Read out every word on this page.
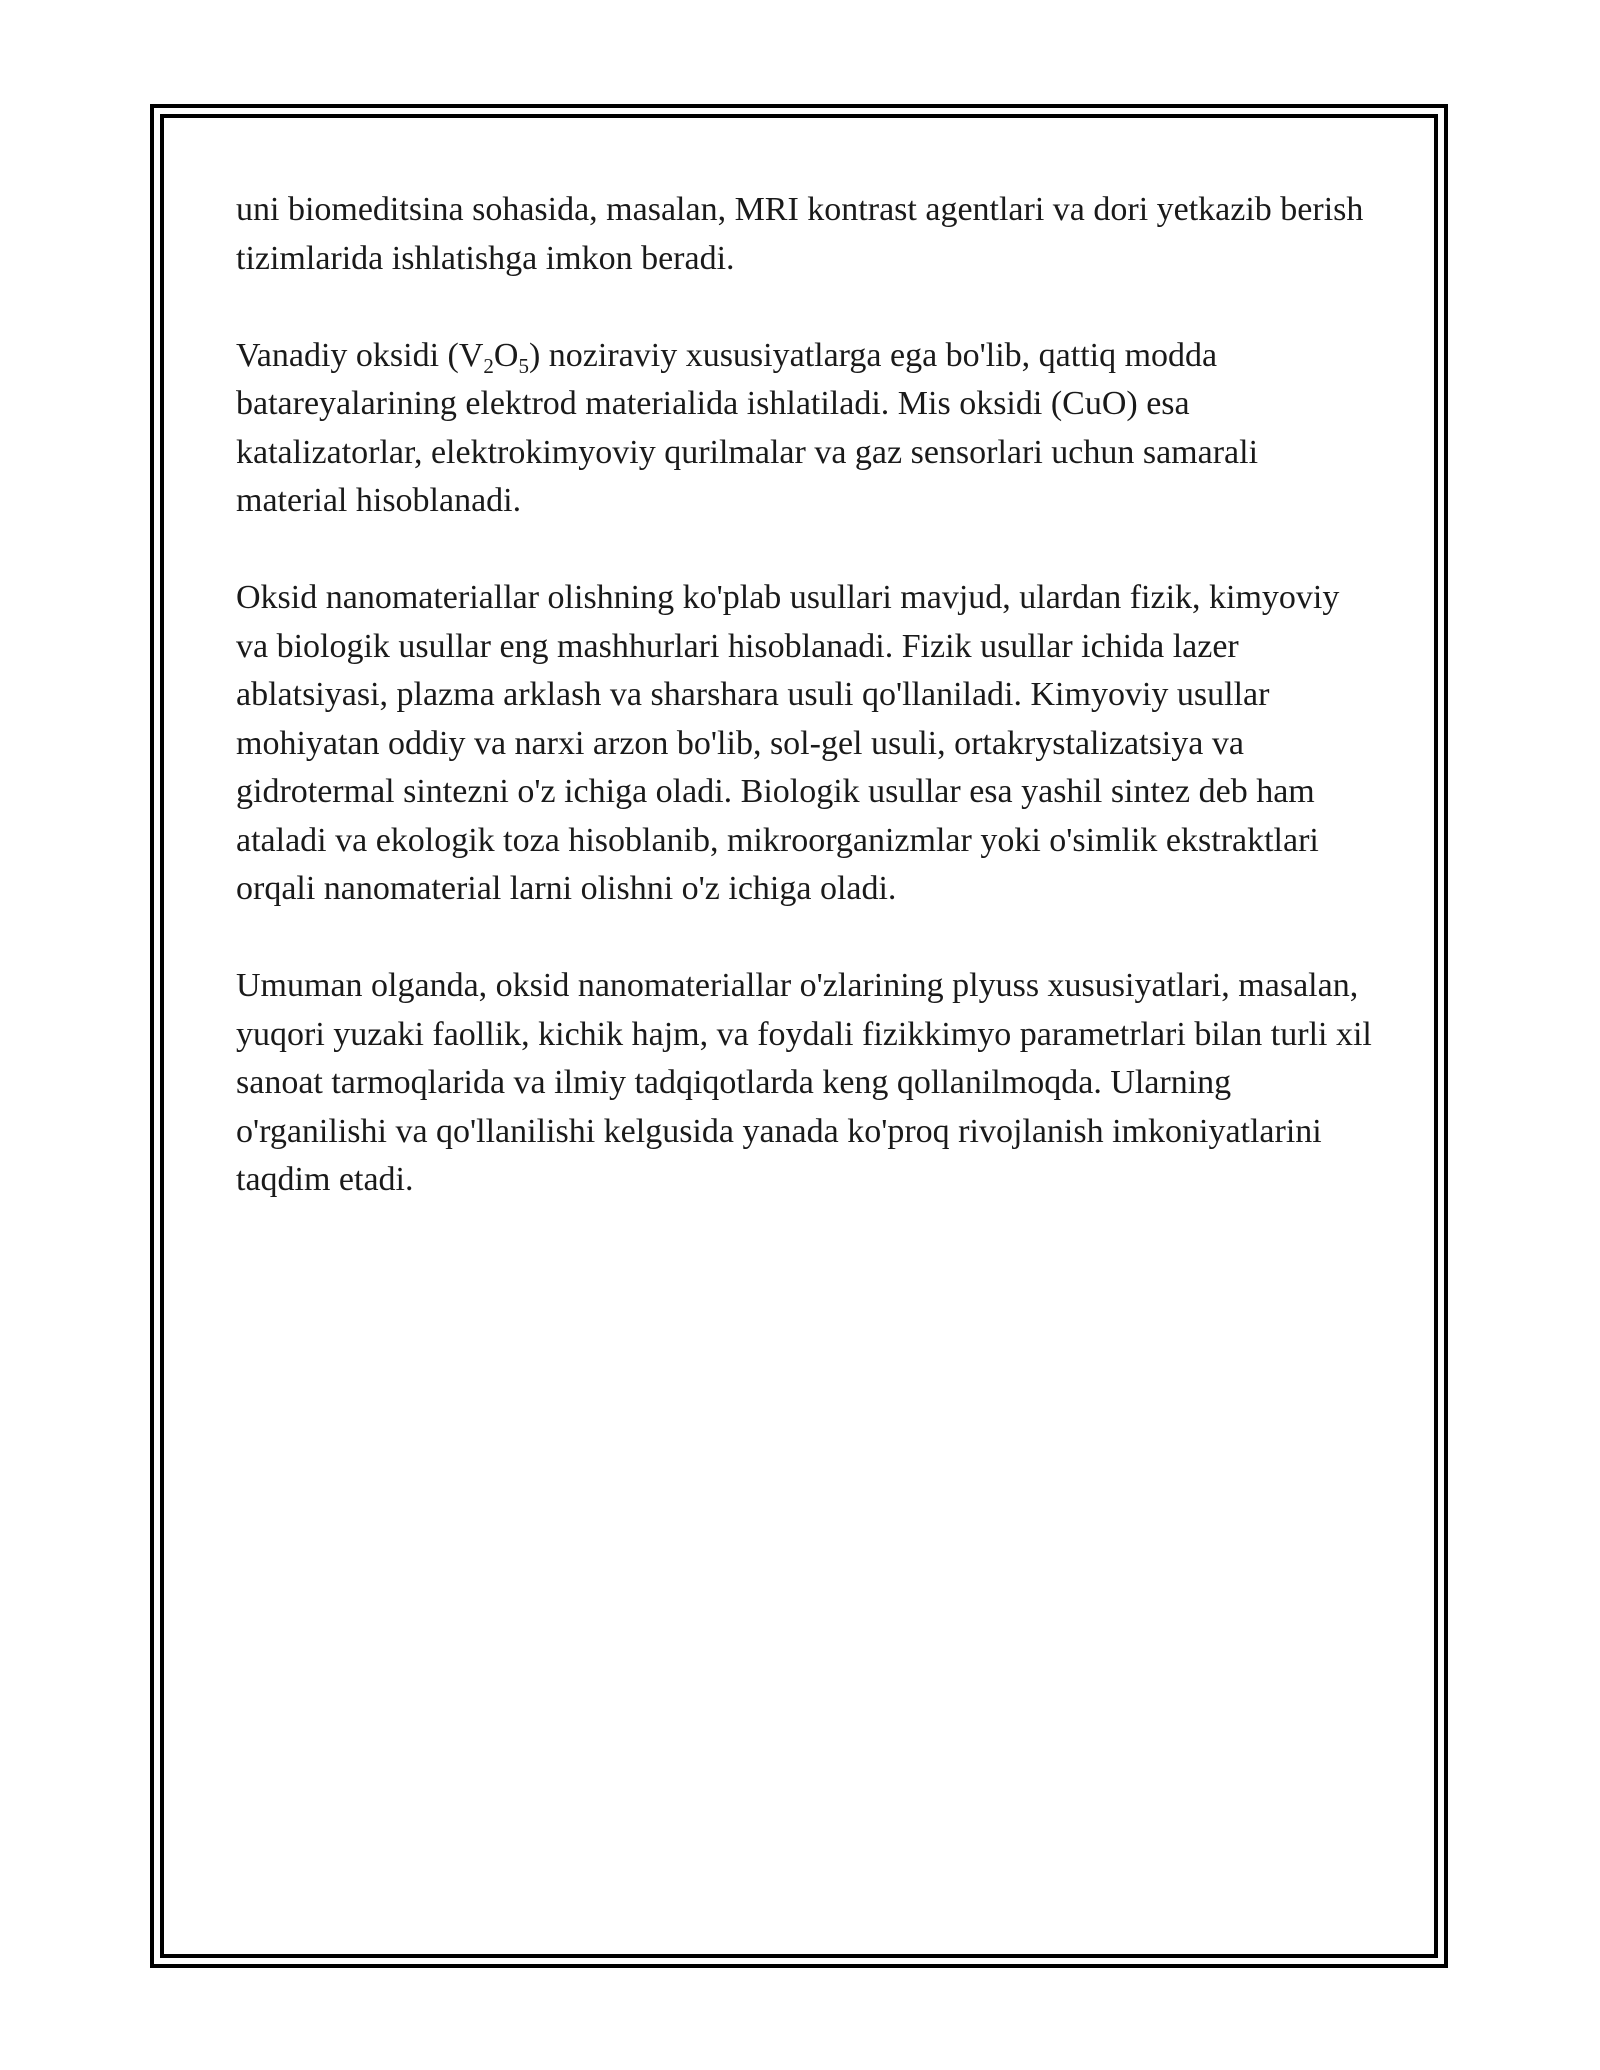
uni biomeditsina sohasida, masalan, MRI kontrast agentlari va dori yetkazib berish tizimlarida ishlatishga imkon beradi.

Vanadiy oksidi $(V_2O_5)$ noziraviy xususiyatlarga ega bo'lib, qattiq modda batareyalarining elektrod materialida ishlatiladi. Mis oksidi (CuO) esa katalizatorlar, elektrokimyoviy qurilmalar va gaz sensorlari uchun samarali material hisoblanadi.

Oksid nanomateriallar olishning ko'plab usullari mavjud, ulardan fizik, kimyoviy va biologik usullar eng mashhurlari hisoblanadi. Fizik usullar ichida lazer ablatsiyasi, plazma arklash va sharshara usuli qo'llaniladi. Kimyoviy usullar mohiyatan oddiy va narxi arzon bo'lib, sol-gel usuli, ortakrystalizatsiya va gidrotermal sintezni o'z ichiga oladi. Biologik usullar esa yashil sintez deb ham ataladi va ekologik toza hisoblanib, mikroorganizmlar yoki o'simlik ekstraktlari orqali nanomaterial larni olishni o'z ichiga oladi.

Umuman olganda, oksid nanomateriallar o'zlarining plyuss xususiyatlari, masalan, yuqori yuzaki faollik, kichik hajm, va foydali fizikkimyo parametrlari bilan turli xil sanoat tarmoqlarida va ilmiy tadqiqotlarda keng qollanilmoqda. Ularning o'rganilishi va qo'llanilishi kelgusida yanada ko'proq rivojlanish imkoniyatlarini taqdim etadi.
